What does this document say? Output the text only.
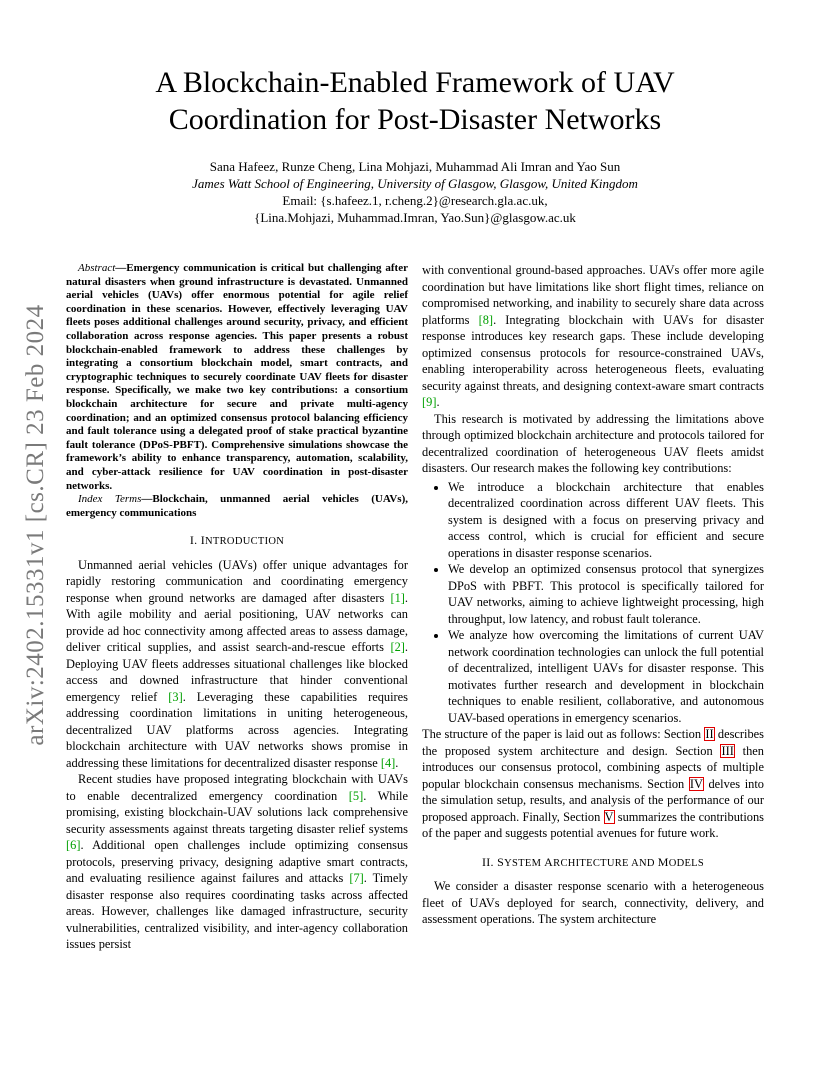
arXiv:2402.15331v1 [cs.CR] 23 Feb 2024
A Blockchain-Enabled Framework of UAV
Coordination for Post-Disaster Networks
Sana Hafeez, Runze Cheng, Lina Mohjazi, Muhammad Ali Imran and Yao Sun
James Watt School of Engineering, University of Glasgow, Glasgow, United Kingdom
Email: {s.hafeez.1, r.cheng.2}@research.gla.ac.uk,
{Lina.Mohjazi, Muhammad.Imran, Yao.Sun}@glasgow.ac.uk

Abstract—Emergency communication is critical but challenging after natural disasters when ground infrastructure is devastated. Unmanned aerial vehicles (UAVs) offer enormous potential for agile relief coordination in these scenarios. However, effectively leveraging UAV fleets poses additional challenges around security, privacy, and efficient collaboration across response agencies. This paper presents a robust blockchain-enabled framework to address these challenges by integrating a consortium blockchain model, smart contracts, and cryptographic techniques to securely coordinate UAV fleets for disaster response. Specifically, we make two key contributions: a consortium blockchain architecture for secure and private multi-agency coordination; and an optimized consensus protocol balancing efficiency and fault tolerance using a delegated proof of stake practical byzantine fault tolerance (DPoS-PBFT). Comprehensive simulations showcase the framework’s ability to enhance transparency, automation, scalability, and cyber-attack resilience for UAV coordination in post-disaster networks.

Index Terms—Blockchain, unmanned aerial vehicles (UAVs), emergency communications

I. INTRODUCTION

Unmanned aerial vehicles (UAVs) offer unique advantages for rapidly restoring communication and coordinating emergency response when ground networks are damaged after disasters [1]. With agile mobility and aerial positioning, UAV networks can provide ad hoc connectivity among affected areas to assess damage, deliver critical supplies, and assist search-and-rescue efforts [2]. Deploying UAV fleets addresses situational challenges like blocked access and downed infrastructure that hinder conventional emergency relief [3]. Leveraging these capabilities requires addressing coordination limitations in uniting heterogeneous, decentralized UAV platforms across agencies. Integrating blockchain architecture with UAV networks shows promise in addressing these limitations for decentralized disaster response [4].

Recent studies have proposed integrating blockchain with UAVs to enable decentralized emergency coordination [5]. While promising, existing blockchain-UAV solutions lack comprehensive security assessments against threats targeting disaster relief systems [6]. Additional open challenges include optimizing consensus protocols, preserving privacy, designing adaptive smart contracts, and evaluating resilience against failures and attacks [7]. Timely disaster response also requires coordinating tasks across affected areas. However, challenges like damaged infrastructure, security vulnerabilities, centralized visibility, and inter-agency collaboration issues persist

with conventional ground-based approaches. UAVs offer more agile coordination but have limitations like short flight times, reliance on compromised networking, and inability to securely share data across platforms [8]. Integrating blockchain with UAVs for disaster response introduces key research gaps. These include developing optimized consensus protocols for resource-constrained UAVs, enabling interoperability across heterogeneous fleets, evaluating security against threats, and designing context-aware smart contracts [9].

This research is motivated by addressing the limitations above through optimized blockchain architecture and protocols tailored for decentralized coordination of heterogeneous UAV fleets amidst disasters. Our research makes the following key contributions:

• We introduce a blockchain architecture that enables decentralized coordination across different UAV fleets. This system is designed with a focus on preserving privacy and access control, which is crucial for efficient and secure operations in disaster response scenarios.
• We develop an optimized consensus protocol that synergizes DPoS with PBFT. This protocol is specifically tailored for UAV networks, aiming to achieve lightweight processing, high throughput, low latency, and robust fault tolerance.
• We analyze how overcoming the limitations of current UAV network coordination technologies can unlock the full potential of decentralized, intelligent UAVs for disaster response. This motivates further research and development in blockchain techniques to enable resilient, collaborative, and autonomous UAV-based operations in emergency scenarios.

The structure of the paper is laid out as follows: Section II describes the proposed system architecture and design. Section III then introduces our consensus protocol, combining aspects of multiple popular blockchain consensus mechanisms. Section IV delves into the simulation setup, results, and analysis of the performance of our proposed approach. Finally, Section V summarizes the contributions of the paper and suggests potential avenues for future work.

II. SYSTEM ARCHITECTURE AND MODELS

We consider a disaster response scenario with a heterogeneous fleet of UAVs deployed for search, connectivity, delivery, and assessment operations. The system architecture
